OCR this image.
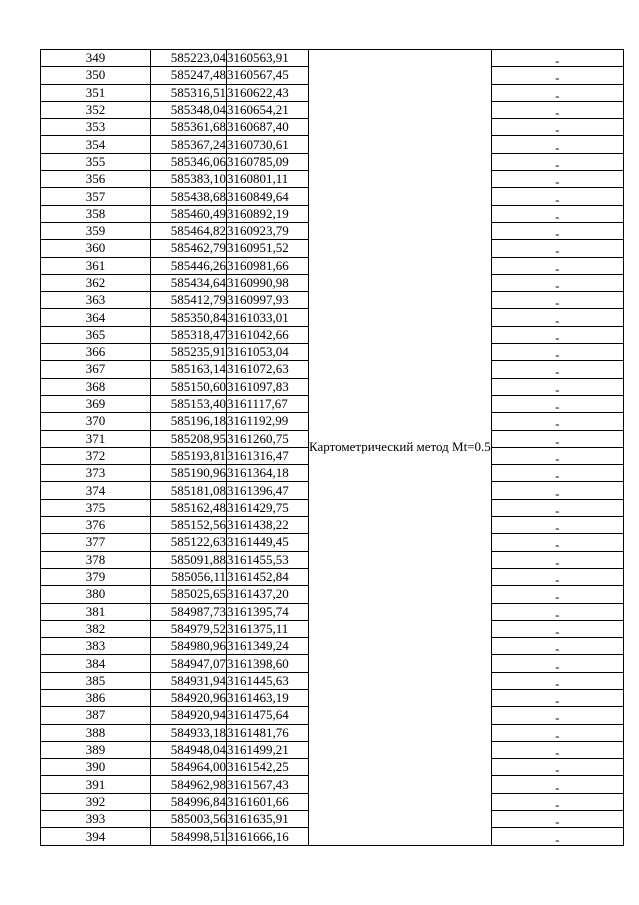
349	585223,04	3160563,91	Картометрический метод Mt=0.5	-
350	585247,48	3160567,45		-
351	585316,51	3160622,43		-
352	585348,04	3160654,21		-
353	585361,68	3160687,40		-
354	585367,24	3160730,61		-
355	585346,06	3160785,09		-
356	585383,10	3160801,11		-
357	585438,68	3160849,64		-
358	585460,49	3160892,19		-
359	585464,82	3160923,79		-
360	585462,79	3160951,52		-
361	585446,26	3160981,66		-
362	585434,64	3160990,98		-
363	585412,79	3160997,93		-
364	585350,84	3161033,01		-
365	585318,47	3161042,66		-
366	585235,91	3161053,04		-
367	585163,14	3161072,63		-
368	585150,60	3161097,83		-
369	585153,40	3161117,67		-
370	585196,18	3161192,99		-
371	585208,95	3161260,75		-
372	585193,81	3161316,47		-
373	585190,96	3161364,18		-
374	585181,08	3161396,47		-
375	585162,48	3161429,75		-
376	585152,56	3161438,22		-
377	585122,63	3161449,45		-
378	585091,88	3161455,53		-
379	585056,11	3161452,84		-
380	585025,65	3161437,20		-
381	584987,73	3161395,74		-
382	584979,52	3161375,11		-
383	584980,96	3161349,24		-
384	584947,07	3161398,60		-
385	584931,94	3161445,63		-
386	584920,96	3161463,19		-
387	584920,94	3161475,64		-
388	584933,18	3161481,76		-
389	584948,04	3161499,21		-
390	584964,00	3161542,25		-
391	584962,98	3161567,43		-
392	584996,84	3161601,66		-
393	585003,56	3161635,91		-
394	584998,51	3161666,16		-
